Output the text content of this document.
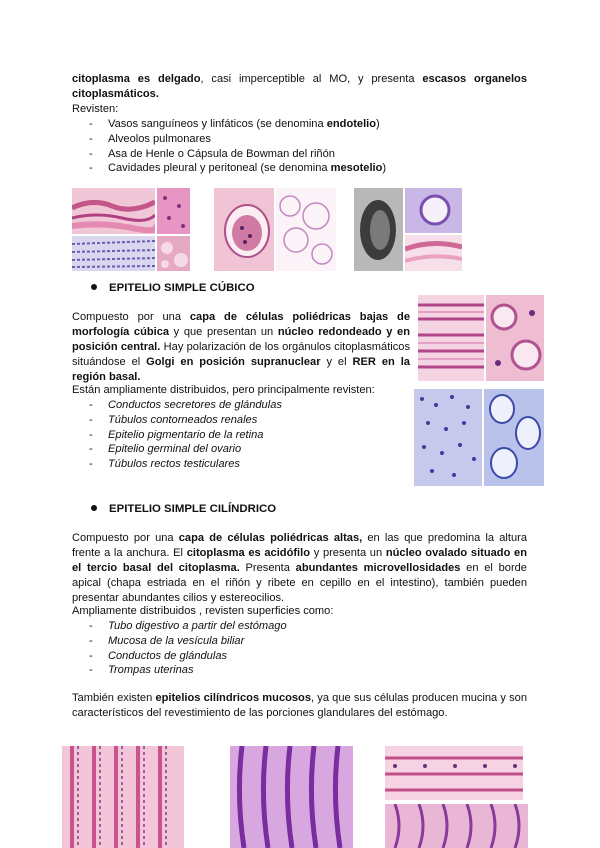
citoplasma es delgado, casi imperceptible al MO, y presenta escasos organelos
citoplasmáticos.
Revisten:
- Vasos sanguíneos y linfáticos (se denomina endotelio)
- Alveolos pulmonares
- Asa de Henle o Cápsula de Bowman del riñón
- Cavidades pleural y peritoneal (se denomina mesotelio)
EPITELIO SIMPLE CÚBICO
Compuesto por una capa de células poliédricas bajas de
morfología cúbica y que presentan un núcleo redondeado y en
posición central. Hay polarización de los orgánulos citoplasmáticos
situándose el Golgi en posición supranuclear y el RER en la
región basal.
Están ampliamente distribuidos, pero principalmente revisten:
- Conductos secretores de glándulas
- Túbulos contorneados renales
- Epitelio pigmentario de la retina
- Epitelio germinal del ovario
- Túbulos rectos testiculares
EPITELIO SIMPLE CILÍNDRICO
Compuesto por una capa de células poliédricas altas, en las que predomina la altura
frente a la anchura. El citoplasma es acidófilo y presenta un núcleo ovalado situado en
el tercio basal del citoplasma. Presenta abundantes microvellosidades en el borde
apical (chapa estriada en el riñón y ribete en cepillo en el intestino), también pueden
presentar abundantes cilios y estereocilios.
Ampliamente distribuidos , revisten superficies como:
- Tubo digestivo a partir del estómago
- Mucosa de la vesícula biliar
- Conductos de glándulas
- Trompas uterinas
También existen epitelios cilíndricos mucosos, ya que sus células producen mucina y son
característicos del revestimiento de las porciones glandulares del estómago.
